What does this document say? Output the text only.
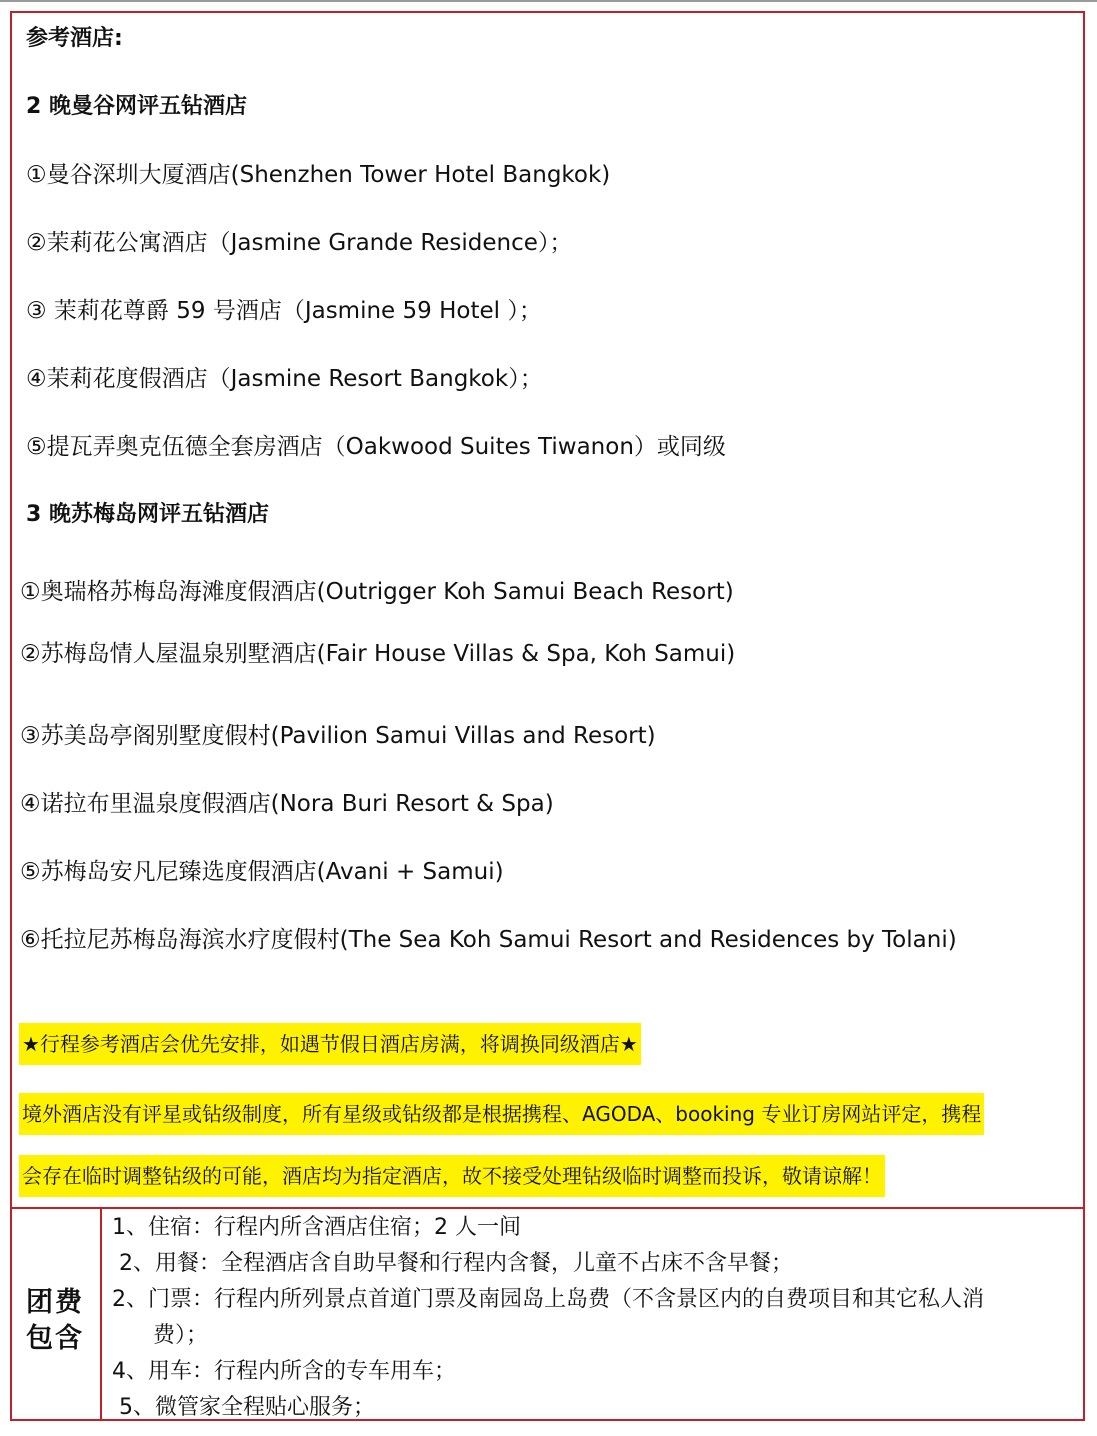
参考酒店:
2 晚曼谷网评五钻酒店
①曼谷深圳大厦酒店(Shenzhen Tower Hotel Bangkok)
②茉莉花公寓酒店（Jasmine Grande Residence）；
③ 茉莉花尊爵 59 号酒店（Jasmine 59 Hotel ）；
④茉莉花度假酒店（Jasmine Resort Bangkok）；
⑤提瓦弄奥克伍德全套房酒店（Oakwood Suites Tiwanon）或同级
3 晚苏梅岛网评五钻酒店
①奥瑞格苏梅岛海滩度假酒店(Outrigger Koh Samui Beach Resort)
②苏梅岛情人屋温泉别墅酒店(Fair House Villas & Spa, Koh Samui)
③苏美岛亭阁别墅度假村(Pavilion Samui Villas and Resort)
④诺拉布里温泉度假酒店(Nora Buri Resort & Spa)
⑤苏梅岛安凡尼臻选度假酒店(Avani + Samui)
⑥托拉尼苏梅岛海滨水疗度假村(The Sea Koh Samui Resort and Residences by Tolani)
★行程参考酒店会优先安排，如遇节假日酒店房满，将调换同级酒店★
境外酒店没有评星或钻级制度，所有星级或钻级都是根据携程、AGODA、booking 专业订房网站评定，携程
会存在临时调整钻级的可能，酒店均为指定酒店，故不接受处理钻级临时调整而投诉，敬请谅解！
团费
包含
1、住宿：行程内所含酒店住宿；2 人一间
2、用餐：全程酒店含自助早餐和行程内含餐，儿童不占床不含早餐；
2、门票：行程内所列景点首道门票及南园岛上岛费（不含景区内的自费项目和其它私人消
费）；
4、用车：行程内所含的专车用车；
5、微管家全程贴心服务；
